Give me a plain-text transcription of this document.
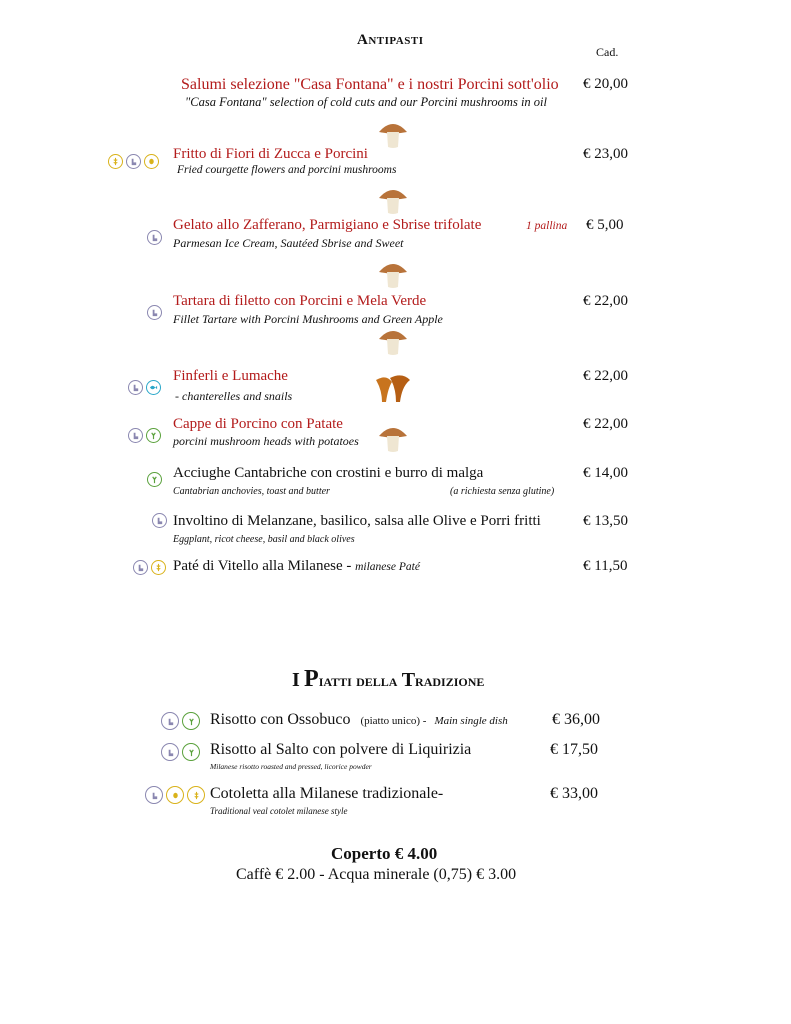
Antipasti
Cad.
Salumi selezione "Casa Fontana" e i nostri Porcini sott'olio
"Casa Fontana" selection of cold cuts and our Porcini mushrooms in oil
€ 20,00
Fritto di Fiori di Zucca e Porcini
Fried courgette flowers and porcini mushrooms
€ 23,00
Gelato allo Zafferano, Parmigiano e Sbrise trifolate	1 pallina
Parmesan Ice Cream, Sautéed Sbrise and Sweet
€ 5,00
Tartara di filetto con Porcini e Mela Verde
Fillet Tartare with Porcini Mushrooms and Green Apple
€ 22,00
Finferli e Lumache
- chanterelles and snails
€ 22,00
Cappe di Porcino con Patate
porcini mushroom heads with potatoes
€ 22,00
Acciughe Cantabriche con crostini e burro di malga
Cantabrian anchovies, toast and butter	(a richiesta senza glutine)
€ 14,00
Involtino di Melanzane, basilico, salsa alle Olive e Porri fritti
Eggplant, ricot cheese, basil and black olives
€ 13,50
Paté di Vitello alla Milanese - milanese Paté	€ 11,50
I Piatti della Tradizione
Risotto con Ossobuco (piatto unico) - Main single dish	€ 36,00
Risotto al Salto con polvere di Liquirizia
Milanese risotto roasted and pressed, licorice powder
€ 17,50
Cotoletta alla Milanese tradizionale-
Traditional veal cotolet milanese style
€ 33,00
Coperto € 4.00
Caffè € 2.00 - Acqua minerale (0,75) € 3.00
